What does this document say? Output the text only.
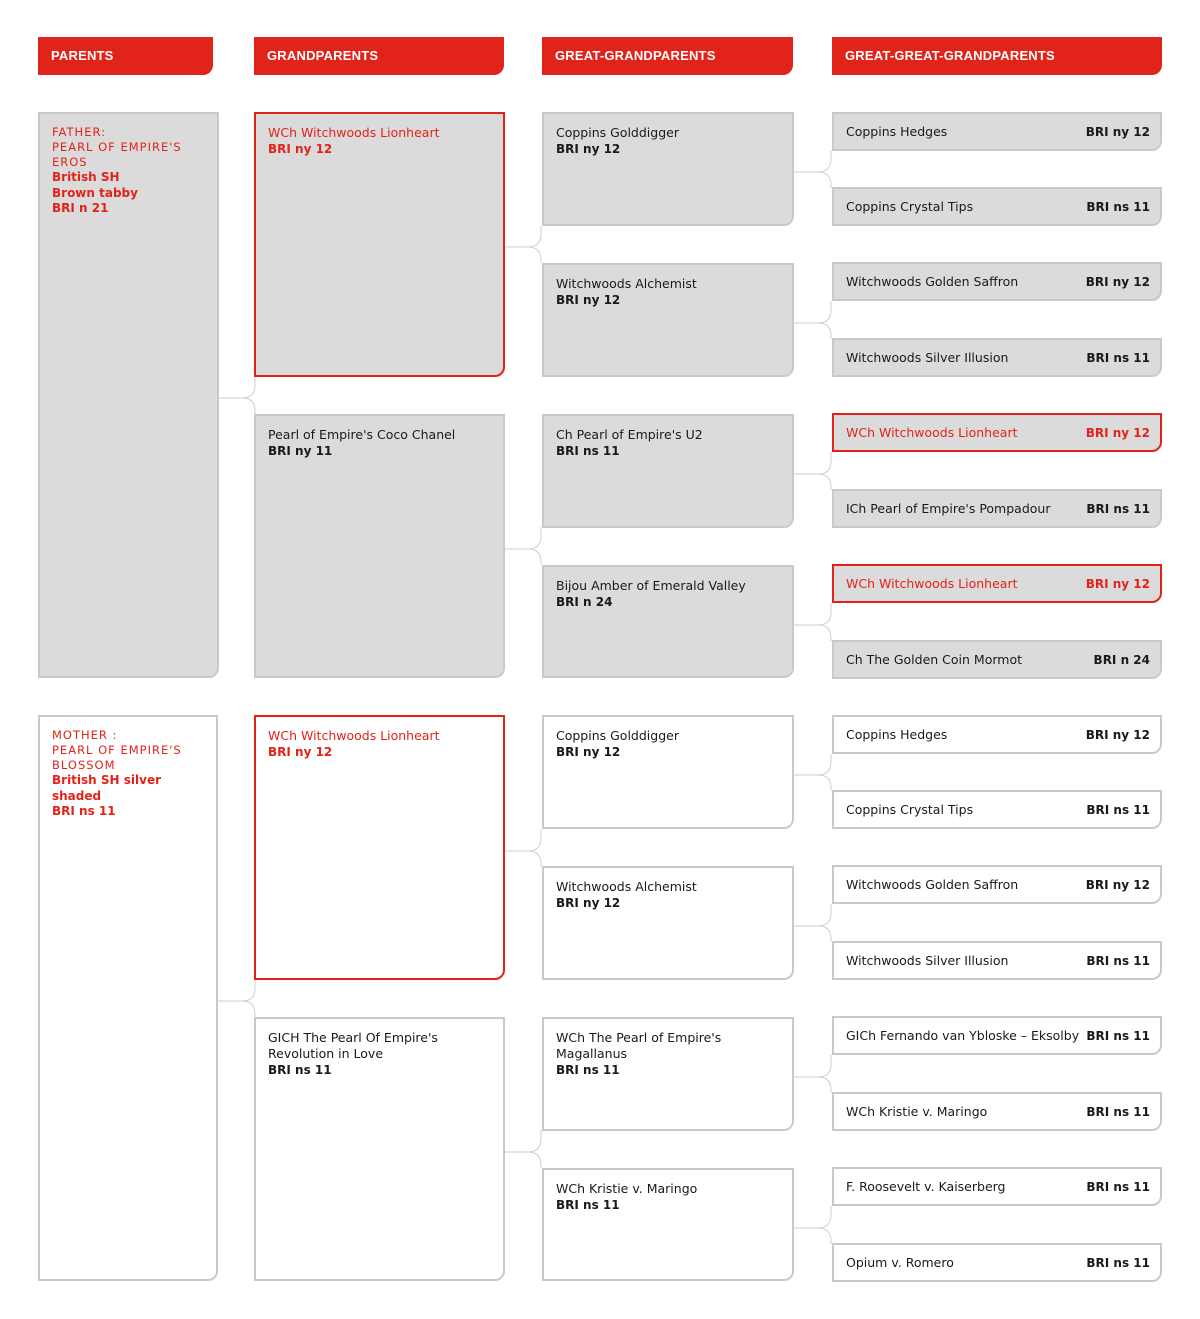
PARENTS	GRANDPARENTS	GREAT-GRANDPARENTS	GREAT-GREAT-GRANDPARENTS
FATHER:
PEARL OF EMPIRE'S EROS
British SH
Brown tabby
BRI n 21
WCh Witchwoods Lionheart
BRI ny 12
Pearl of Empire's Coco Chanel
BRI ny 11
Coppins Golddigger
BRI ny 12
Witchwoods Alchemist
BRI ny 12
Ch Pearl of Empire's U2
BRI ns 11
Bijou Amber of Emerald Valley
BRI n 24
Coppins Hedges	BRI ny 12
Coppins Crystal Tips	BRI ns 11
Witchwoods Golden Saffron	BRI ny 12
Witchwoods Silver Illusion	BRI ns 11
WCh Witchwoods Lionheart	BRI ny 12
ICh Pearl of Empire's Pompadour	BRI ns 11
WCh Witchwoods Lionheart	BRI ny 12
Ch The Golden Coin Mormot	BRI n 24
MOTHER :
PEARL OF EMPIRE'S BLOSSOM
British SH silver shaded
BRI ns 11
WCh Witchwoods Lionheart
BRI ny 12
GICH The Pearl Of Empire's Revolution in Love
BRI ns 11
Coppins Golddigger
BRI ny 12
Witchwoods Alchemist
BRI ny 12
WCh The Pearl of Empire's Magallanus
BRI ns 11
WCh Kristie v. Maringo
BRI ns 11
Coppins Hedges	BRI ny 12
Coppins Crystal Tips	BRI ns 11
Witchwoods Golden Saffron	BRI ny 12
Witchwoods Silver Illusion	BRI ns 11
GICh Fernando van Ybloske – Eksolby BRI ns 11
WCh Kristie v. Maringo	BRI ns 11
F. Roosevelt v. Kaiserberg	BRI ns 11
Opium v. Romero	BRI ns 11
